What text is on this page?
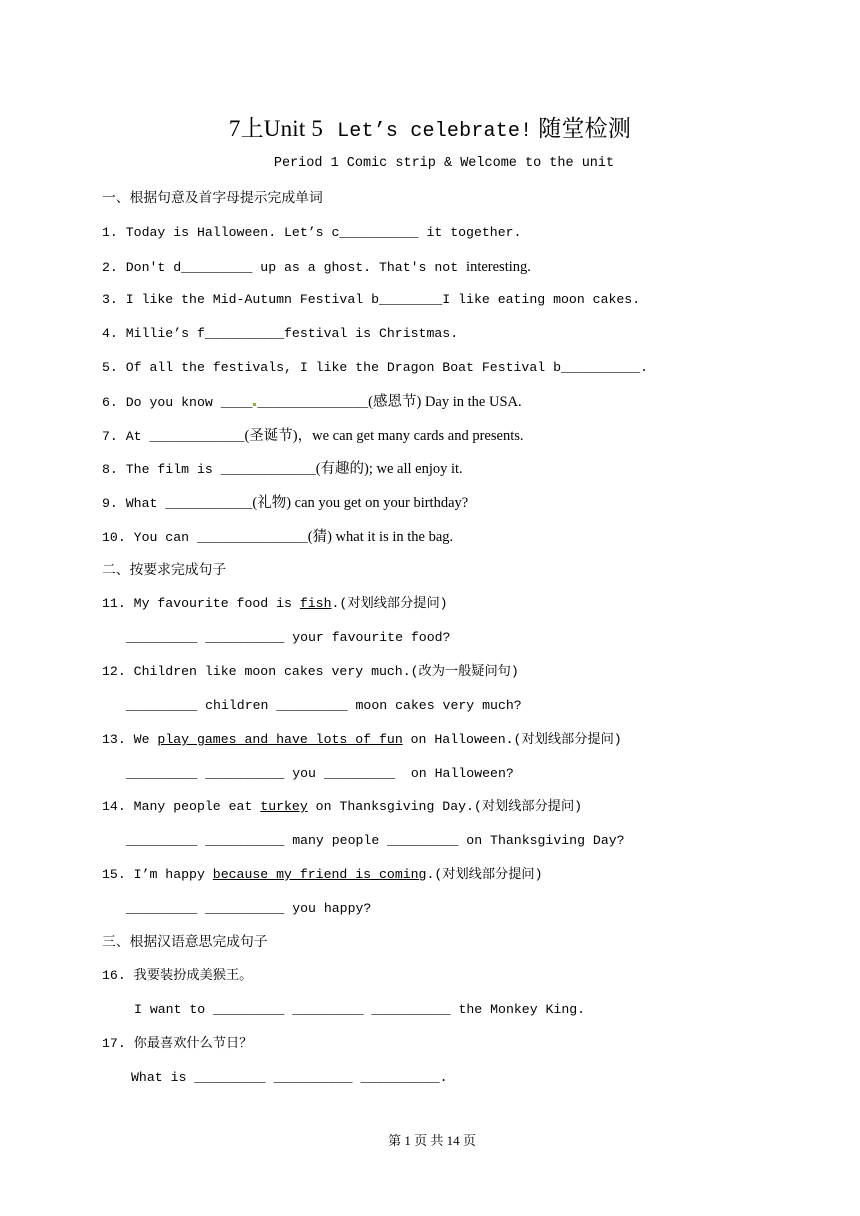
7上Unit 5 Let’s celebrate! 随堂检测
Period 1 Comic strip & Welcome to the unit
一、根据句意及首字母提示完成单词
1. Today is Halloween. Let’s c__________ it together.
2. Don't d_________ up as a ghost. That's not interesting.
3. I like the Mid-Autumn Festival b________I like eating moon cakes.
4. Millie’s f__________festival is Christmas.
5. Of all the festivals, I like the Dragon Boat Festival b__________.
6. Do you know ____ ______________(感恩节) Day in the USA.
7. At ____________(圣诞节)，we can get many cards and presents.
8. The film is ____________(有趣的); we all enjoy it.
9. What ___________(礼物) can you get on your birthday?
10. You can ______________(猜) what it is in the bag.
二、按要求完成句子
11. My favourite food is fish.(对划线部分提问)
_________ __________ your favourite food?
12. Children like moon cakes very much.(改为一般疑问句)
_________ children _________ moon cakes very much?
13. We play games and have lots of fun on Halloween.(对划线部分提问)
_________ __________ you _________  on Halloween?
14. Many people eat turkey on Thanksgiving Day.(对划线部分提问)
_________ __________ many people _________ on Thanksgiving Day?
15. I’m happy because my friend is coming.(对划线部分提问)
_________ __________ you happy?
三、根据汉语意思完成句子
16. 我要装扮成美猴王。
I want to _________ _________ __________ the Monkey King.
17. 你最喜欢什么节日？
What is _________ __________ __________.
第 1 页 共 14 页
